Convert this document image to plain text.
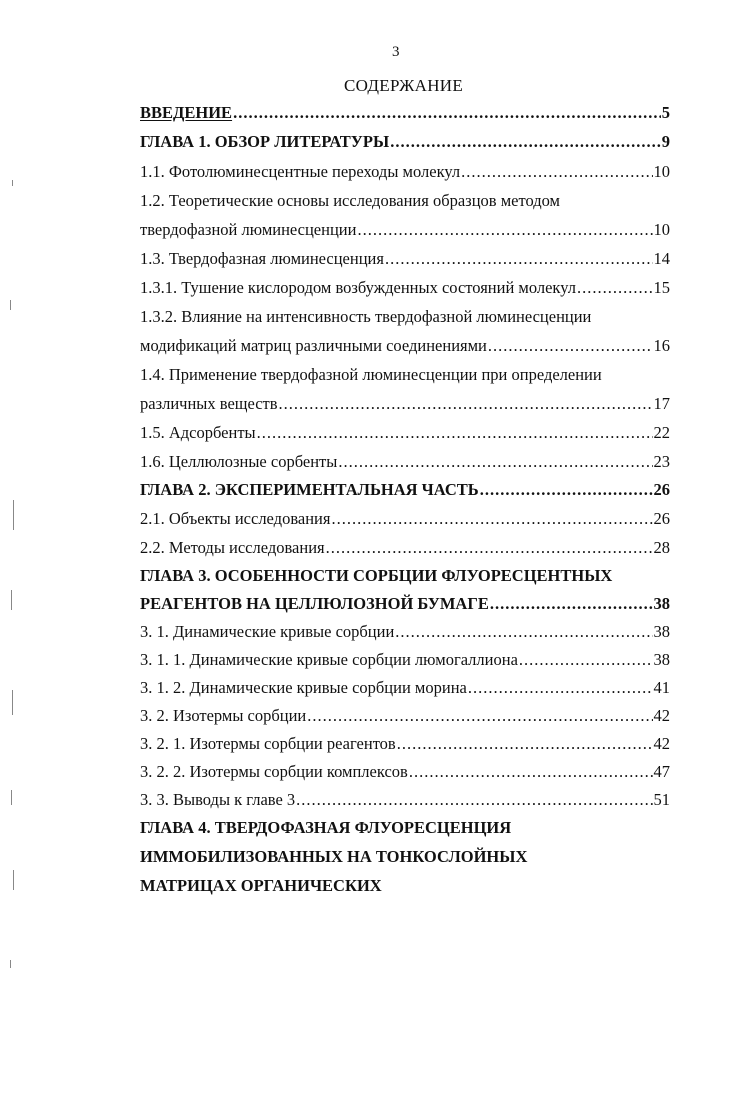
3
СОДЕРЖАНИЕ
ВВЕДЕНИЕ .....	5
ГЛАВА 1. ОБЗОР ЛИТЕРАТУРЫ .....	9
1.1. Фотолюминесцентные переходы молекул .....	10
1.2. Теоретические основы исследования образцов методом
твердофазной люминесценции .....	10
1.3. Твердофазная люминесценция .....	14
1.3.1. Тушение кислородом возбужденных состояний молекул .....	15
1.3.2. Влияние на интенсивность твердофазной люминесценции
модификаций матриц различными соединениями .....	16
1.4. Применение твердофазной люминесценции при определении
различных веществ .....	17
1.5. Адсорбенты .....	22
1.6. Целлюлозные сорбенты .....	23
ГЛАВА 2. ЭКСПЕРИМЕНТАЛЬНАЯ ЧАСТЬ .....	26
2.1. Объекты исследования .....	26
2.2. Методы исследования .....	28
ГЛАВА 3. ОСОБЕННОСТИ СОРБЦИИ ФЛУОРЕСЦЕНТНЫХ
РЕАГЕНТОВ НА ЦЕЛЛЮЛОЗНОЙ БУМАГЕ .....	38
3. 1. Динамические кривые сорбции .....	38
3. 1. 1. Динамические кривые сорбции люмогаллиона .....	38
3. 1. 2. Динамические кривые сорбции морина .....	41
3. 2. Изотермы сорбции .....	42
3. 2. 1. Изотермы сорбции реагентов .....	42
3. 2. 2. Изотермы сорбции комплексов .....	47
3. 3. Выводы к главе 3 .....	51
ГЛАВА 4. ТВЕРДОФАЗНАЯ ФЛУОРЕСЦЕНЦИЯ
ИММОБИЛИЗОВАННЫХ НА ТОНКОСЛОЙНЫХ
МАТРИЦАХ ОРГАНИЧЕСКИХ
